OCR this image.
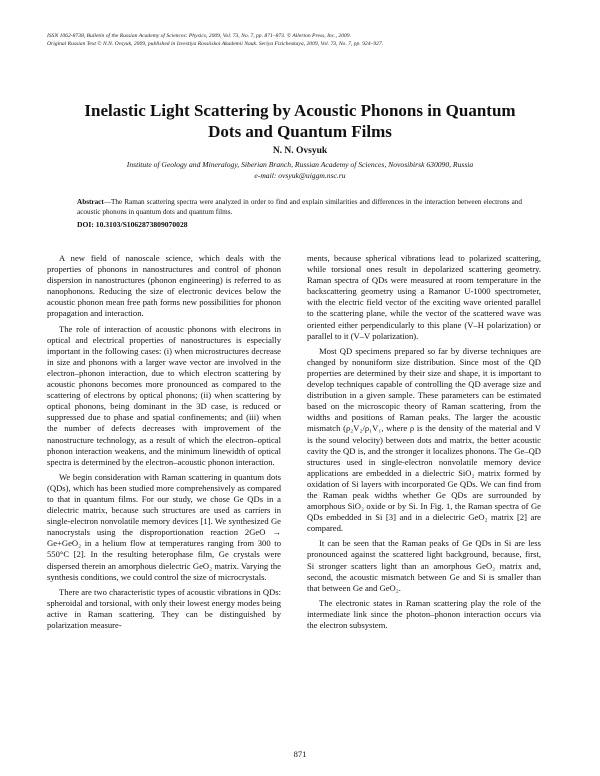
ISSN 1062-8738, Bulletin of the Russian Academy of Sciences: Physics, 2009, Vol. 73, No. 7, pp. 871–873. © Allerton Press, Inc., 2009.
Original Russian Text © N.N. Ovsyuk, 2009, published in Izvestiya Rossiiskoi Akademii Nauk. Seriya Fizicheskaya, 2009, Vol. 73, No. 7, pp. 924–927.
Inelastic Light Scattering by Acoustic Phonons in Quantum
Dots and Quantum Films
N. N. Ovsyuk
Institute of Geology and Mineralogy, Siberian Branch, Russian Academy of Sciences, Novosibirsk 630090, Russia
e-mail: ovsyuk@uiggm.nsc.ru
Abstract—The Raman scattering spectra were analyzed in order to find and explain similarities and differences in the interaction between electrons and acoustic phonons in quantum dots and quantum films.
DOI: 10.3103/S1062873809070028

A new field of nanoscale science, which deals with the properties of phonons in nanostructures and control of phonon dispersion in nanostructures (phonon engineering) is referred to as nanophonons. Reducing the size of electronic devices below the acoustic phonon mean free path forms new possibilities for phonon propagation and interaction.

The role of interaction of acoustic phonons with electrons in optical and electrical properties of nanostructures is especially important in the following cases: (i) when microstructures decrease in size and phonons with a larger wave vector are involved in the electron–phonon interaction, due to which electron scattering by acoustic phonons becomes more pronounced as compared to the scattering of electrons by optical phonons; (ii) when scattering by optical phonons, being dominant in the 3D case, is reduced or suppressed due to phase and spatial confinements; and (iii) when the number of defects decreases with improvement of the nanostructure technology, as a result of which the electron–optical phonon interaction weakens, and the minimum linewidth of optical spectra is determined by the electron–acoustic phonon interaction.

We begin consideration with Raman scattering in quantum dots (QDs), which has been studied more comprehensively as compared to that in quantum films. For our study, we chose Ge QDs in a dielectric matrix, because such structures are used as carriers in single-electron nonvolatile memory devices [1]. We synthesized Ge nanocrystals using the disproportionation reaction 2GeO → Ge+GeO₂ in a helium flow at temperatures ranging from 300 to 550°C [2]. In the resulting heterophase film, Ge crystals were dispersed therein an amorphous dielectric GeO₂ matrix. Varying the synthesis conditions, we could control the size of microcrystals.

There are two characteristic types of acoustic vibrations in QDs: spheroidal and torsional, with only their lowest energy modes being active in Raman scattering. They can be distinguished by polarization measure-

ments, because spherical vibrations lead to polarized scattering, while torsional ones result in depolarized scattering geometry. Raman spectra of QDs were measured at room temperature in the backscattering geometry using a Ramanor U-1000 spectrometer, with the electric field vector of the exciting wave oriented parallel to the scattering plane, while the vector of the scattered wave was oriented either perpendicularly to this plane (V–H polarization) or parallel to it (V–V polarization).

Most QD specimens prepared so far by diverse techniques are changed by nonuniform size distribution. Since most of the QD properties are determined by their size and shape, it is important to develop techniques capable of controlling the QD average size and distribution in a given sample. These parameters can be estimated based on the microscopic theory of Raman scattering, from the widths and positions of Raman peaks. The larger the acoustic mismatch (ρ₂V₂/ρ₁V₁, where ρ is the density of the material and V is the sound velocity) between dots and matrix, the better acoustic cavity the QD is, and the stronger it localizes phonons. The Ge–QD structures used in single-electron nonvolatile memory device applications are embedded in a dielectric SiO₂ matrix formed by oxidation of Si layers with incorporated Ge QDs. We can find from the Raman peak widths whether Ge QDs are surrounded by amorphous SiO₂ oxide or by Si. In Fig. 1, the Raman spectra of Ge QDs embedded in Si [3] and in a dielectric GeO₂ matrix [2] are compared.

It can be seen that the Raman peaks of Ge QDs in Si are less pronounced against the scattered light background, because, first, Si stronger scatters light than an amorphous GeO₂ matrix and, second, the acoustic mismatch between Ge and Si is smaller than that between Ge and GeO₂.

The electronic states in Raman scattering play the role of the intermediate link since the photon–phonon interaction occurs via the electron subsystem.

871
